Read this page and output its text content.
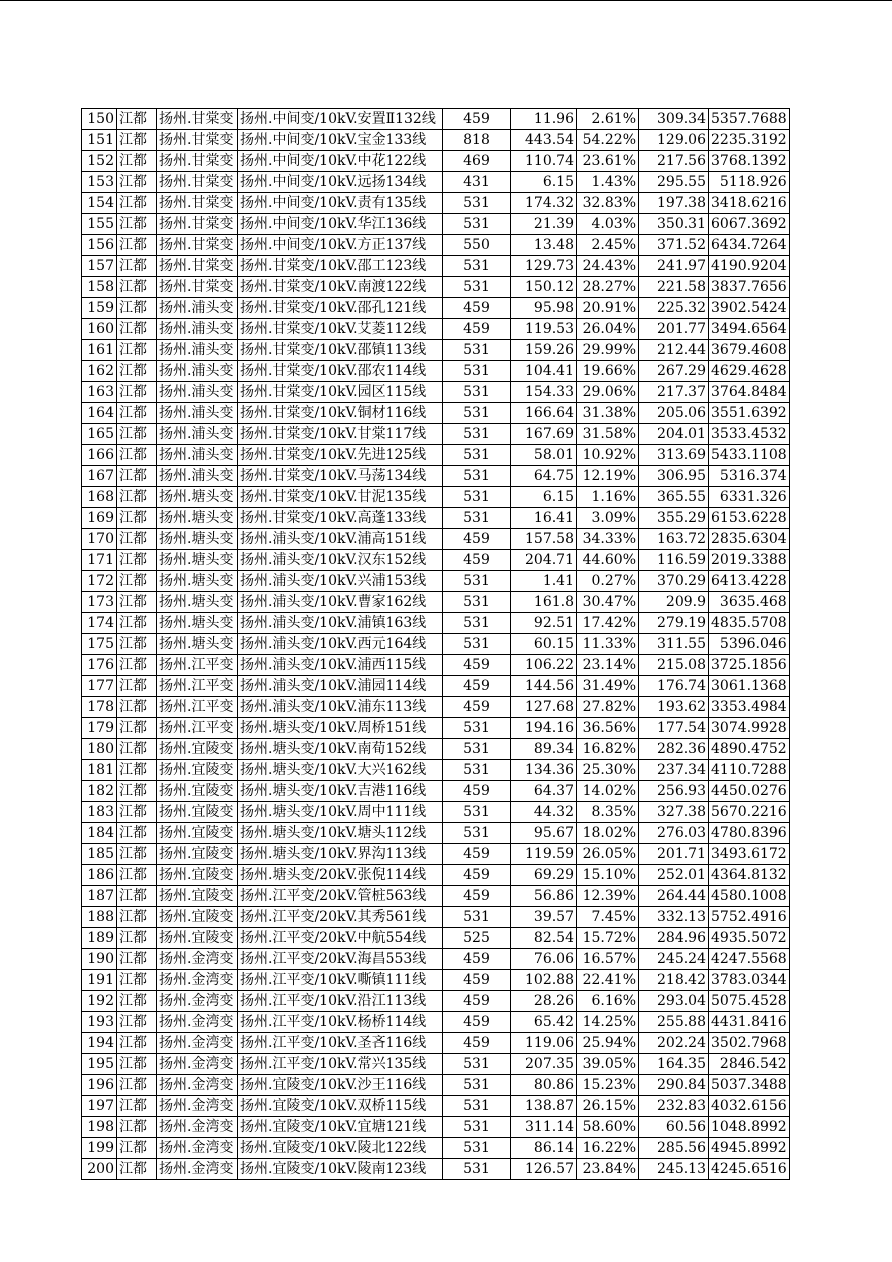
150	江都	扬州.甘棠变	扬州.中间变/10kV.安置Ⅱ132线	459	11.96	2.61%	309.34	5357.7688
151	江都	扬州.甘棠变	扬州.中间变/10kV.宝金133线	818	443.54	54.22%	129.06	2235.3192
152	江都	扬州.甘棠变	扬州.中间变/10kV.中花122线	469	110.74	23.61%	217.56	3768.1392
153	江都	扬州.甘棠变	扬州.中间变/10kV.远扬134线	431	6.15	1.43%	295.55	5118.926
154	江都	扬州.甘棠变	扬州.中间变/10kV.责有135线	531	174.32	32.83%	197.38	3418.6216
155	江都	扬州.甘棠变	扬州.中间变/10kV.华江136线	531	21.39	4.03%	350.31	6067.3692
156	江都	扬州.甘棠变	扬州.中间变/10kV.方正137线	550	13.48	2.45%	371.52	6434.7264
157	江都	扬州.甘棠变	扬州.甘棠变/10kV.邵工123线	531	129.73	24.43%	241.97	4190.9204
158	江都	扬州.甘棠变	扬州.甘棠变/10kV.南渡122线	531	150.12	28.27%	221.58	3837.7656
159	江都	扬州.浦头变	扬州.甘棠变/10kV.邵孔121线	459	95.98	20.91%	225.32	3902.5424
160	江都	扬州.浦头变	扬州.甘棠变/10kV.艾菱112线	459	119.53	26.04%	201.77	3494.6564
161	江都	扬州.浦头变	扬州.甘棠变/10kV.邵镇113线	531	159.26	29.99%	212.44	3679.4608
162	江都	扬州.浦头变	扬州.甘棠变/10kV.邵农114线	531	104.41	19.66%	267.29	4629.4628
163	江都	扬州.浦头变	扬州.甘棠变/10kV.园区115线	531	154.33	29.06%	217.37	3764.8484
164	江都	扬州.浦头变	扬州.甘棠变/10kV.铜材116线	531	166.64	31.38%	205.06	3551.6392
165	江都	扬州.浦头变	扬州.甘棠变/10kV.甘棠117线	531	167.69	31.58%	204.01	3533.4532
166	江都	扬州.浦头变	扬州.甘棠变/10kV.先进125线	531	58.01	10.92%	313.69	5433.1108
167	江都	扬州.浦头变	扬州.甘棠变/10kV.马荡134线	531	64.75	12.19%	306.95	5316.374
168	江都	扬州.塘头变	扬州.甘棠变/10kV.甘泥135线	531	6.15	1.16%	365.55	6331.326
169	江都	扬州.塘头变	扬州.甘棠变/10kV.高蓬133线	531	16.41	3.09%	355.29	6153.6228
170	江都	扬州.塘头变	扬州.浦头变/10kV.浦高151线	459	157.58	34.33%	163.72	2835.6304
171	江都	扬州.塘头变	扬州.浦头变/10kV.汉东152线	459	204.71	44.60%	116.59	2019.3388
172	江都	扬州.塘头变	扬州.浦头变/10kV.兴浦153线	531	1.41	0.27%	370.29	6413.4228
173	江都	扬州.塘头变	扬州.浦头变/10kV.曹家162线	531	161.8	30.47%	209.9	3635.468
174	江都	扬州.塘头变	扬州.浦头变/10kV.浦镇163线	531	92.51	17.42%	279.19	4835.5708
175	江都	扬州.塘头变	扬州.浦头变/10kV.西元164线	531	60.15	11.33%	311.55	5396.046
176	江都	扬州.江平变	扬州.浦头变/10kV.浦西115线	459	106.22	23.14%	215.08	3725.1856
177	江都	扬州.江平变	扬州.浦头变/10kV.浦园114线	459	144.56	31.49%	176.74	3061.1368
178	江都	扬州.江平变	扬州.浦头变/10kV.浦东113线	459	127.68	27.82%	193.62	3353.4984
179	江都	扬州.江平变	扬州.塘头变/10kV.周桥151线	531	194.16	36.56%	177.54	3074.9928
180	江都	扬州.宜陵变	扬州.塘头变/10kV.南荀152线	531	89.34	16.82%	282.36	4890.4752
181	江都	扬州.宜陵变	扬州.塘头变/10kV.大兴162线	531	134.36	25.30%	237.34	4110.7288
182	江都	扬州.宜陵变	扬州.塘头变/10kV.吉港116线	459	64.37	14.02%	256.93	4450.0276
183	江都	扬州.宜陵变	扬州.塘头变/10kV.周中111线	531	44.32	8.35%	327.38	5670.2216
184	江都	扬州.宜陵变	扬州.塘头变/10kV.塘头112线	531	95.67	18.02%	276.03	4780.8396
185	江都	扬州.宜陵变	扬州.塘头变/10kV.界沟113线	459	119.59	26.05%	201.71	3493.6172
186	江都	扬州.宜陵变	扬州.塘头变/20kV.张倪114线	459	69.29	15.10%	252.01	4364.8132
187	江都	扬州.宜陵变	扬州.江平变/20kV.管桩563线	459	56.86	12.39%	264.44	4580.1008
188	江都	扬州.宜陵变	扬州.江平变/20kV.其秀561线	531	39.57	7.45%	332.13	5752.4916
189	江都	扬州.宜陵变	扬州.江平变/20kV.中航554线	525	82.54	15.72%	284.96	4935.5072
190	江都	扬州.金湾变	扬州.江平变/20kV.海昌553线	459	76.06	16.57%	245.24	4247.5568
191	江都	扬州.金湾变	扬州.江平变/10kV.嘶镇111线	459	102.88	22.41%	218.42	3783.0344
192	江都	扬州.金湾变	扬州.江平变/10kV.沿江113线	459	28.26	6.16%	293.04	5075.4528
193	江都	扬州.金湾变	扬州.江平变/10kV.杨桥114线	459	65.42	14.25%	255.88	4431.8416
194	江都	扬州.金湾变	扬州.江平变/10kV.圣吝116线	459	119.06	25.94%	202.24	3502.7968
195	江都	扬州.金湾变	扬州.江平变/10kV.常兴135线	531	207.35	39.05%	164.35	2846.542
196	江都	扬州.金湾变	扬州.宜陵变/10kV.沙王116线	531	80.86	15.23%	290.84	5037.3488
197	江都	扬州.金湾变	扬州.宜陵变/10kV.双桥115线	531	138.87	26.15%	232.83	4032.6156
198	江都	扬州.金湾变	扬州.宜陵变/10kV.宜塘121线	531	311.14	58.60%	60.56	1048.8992
199	江都	扬州.金湾变	扬州.宜陵变/10kV.陵北122线	531	86.14	16.22%	285.56	4945.8992
200	江都	扬州.金湾变	扬州.宜陵变/10kV.陵南123线	531	126.57	23.84%	245.13	4245.6516
